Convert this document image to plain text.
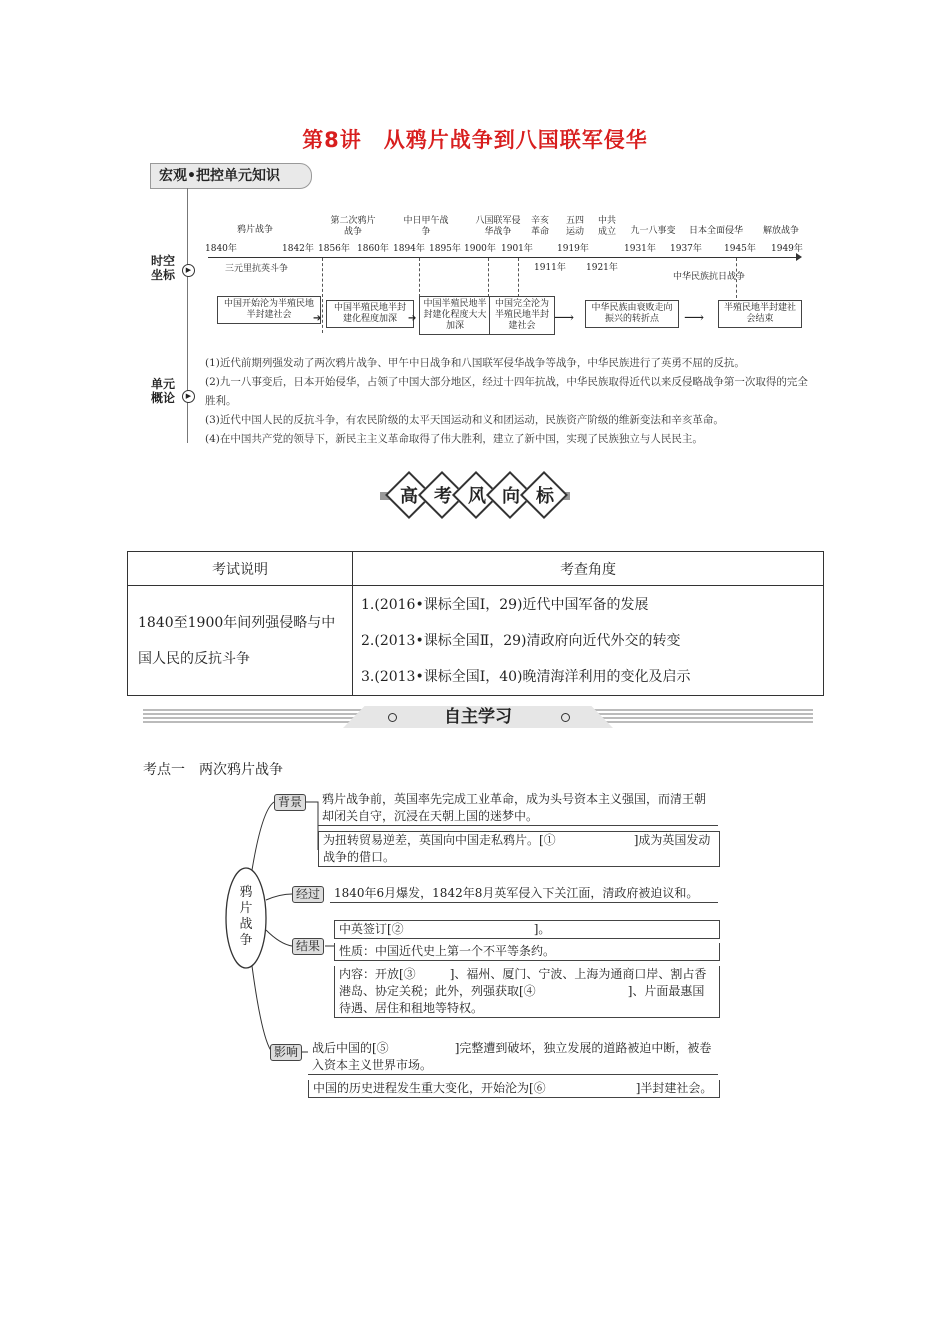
第8讲　从鸦片战争到八国联军侵华
宏观•把控单元知识
鸦片战争
第二次鸦片战争
中日甲午战争
八国联军侵华战争
辛亥革命
五四运动
中共成立	九一八事变	日本全面侵华	解放战争
1840年	1842年 1856年 1860年 1894年 1895年 1900年 1901年	1919年	1931年 1937年 1945年 1949年
1911年 1921年
三元里抗英斗争
中华民族抗日战争
中国开始沦为半殖民地半封建社会
中国半殖民地半封建化程度加深
中国半殖民地半封建化程度大大加深
中国完全沦为半殖民地半封建社会
中华民族由衰败走向振兴的转折点
半殖民地半封建社会结束
➔	➔	⟶	⟶
时空坐标	▶
单元概论	▶
(1)近代前期列强发动了两次鸦片战争、甲午中日战争和八国联军侵华战争等战争，中华民族进行了英勇不屈的反抗。
(2)九一八事变后，日本开始侵华，占领了中国大部分地区，经过十四年抗战，中华民族取得近代以来反侵略战争第一次取得的完全胜利。
(3)近代中国人民的反抗斗争，有农民阶级的太平天国运动和义和团运动，民族资产阶级的维新变法和辛亥革命。
(4)在中国共产党的领导下，新民主主义革命取得了伟大胜利，建立了新中国，实现了民族独立与人民民主。
高 考 风 向 标
考试说明	考查角度
1840至1900年间列强侵略与中国人民的反抗斗争	1.(2016•课标全国Ⅰ，29)近代中国军备的发展
2.(2013•课标全国Ⅱ，29)清政府向近代外交的转变
3.(2013•课标全国Ⅰ，40)晚清海洋利用的变化及启示
自主学习
考点一　两次鸦片战争
鸦片战争
背景
经过
结果
影响
鸦片战争前，英国率先完成工业革命，成为头号资本主义强国，而清王朝却闭关自守，沉浸在天朝上国的迷梦中。
为扭转贸易逆差，英国向中国走私鸦片。[①	]成为英国发动战争的借口。
1840年6月爆发，1842年8月英军侵入下关江面，清政府被迫议和。
中英签订[②	]。
性质：中国近代史上第一个不平等条约。
内容：开放[③	]、福州、厦门、宁波、上海为通商口岸、割占香港岛、协定关税；此外，列强获取[④	]、片面最惠国待遇、居住和租地等特权。
战后中国的[⑤	]完整遭到破坏，独立发展的道路被迫中断，被卷入资本主义世界市场。
中国的历史进程发生重大变化，开始沦为[⑥	]半封建社会。
